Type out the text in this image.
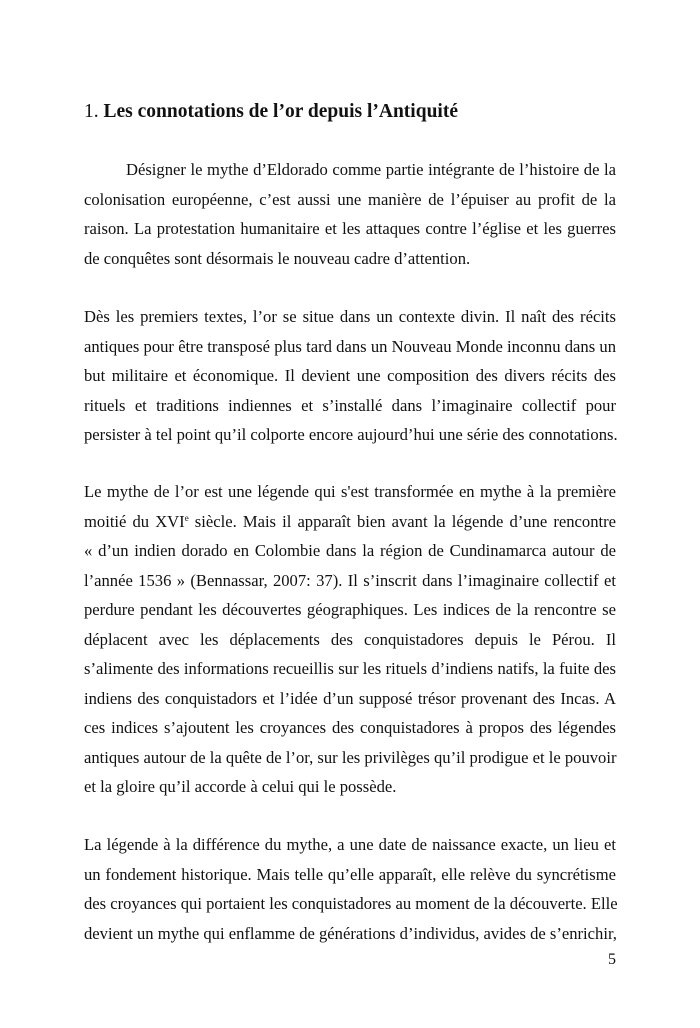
1. Les connotations de l’or depuis l’Antiquité
Désigner le mythe d’Eldorado comme partie intégrante de l’histoire de la
colonisation européenne, c’est aussi une manière de l’épuiser au profit de la
raison. La protestation humanitaire et les attaques contre l’église et les guerres
de conquêtes sont désormais le nouveau cadre d’attention.
Dès les premiers textes, l’or se situe dans un contexte divin. Il naît des récits
antiques pour être transposé plus tard dans un Nouveau Monde inconnu dans un
but militaire et économique. Il devient une composition des divers récits des
rituels et traditions indiennes et s’installé dans l’imaginaire collectif pour
persister à tel point qu’il colporte encore aujourd’hui une série des connotations.
Le mythe de l’or est une légende qui s'est transformée en mythe à la première
moitié du XVIe siècle. Mais il apparaît bien avant la légende d’une rencontre
« d’un indien dorado en Colombie dans la région de Cundinamarca autour de
l’année 1536 » (Bennassar, 2007: 37). Il s’inscrit dans l’imaginaire collectif et
perdure pendant les découvertes géographiques. Les indices de la rencontre se
déplacent avec les déplacements des conquistadores depuis le Pérou. Il
s’alimente des informations recueillis sur les rituels d’indiens natifs, la fuite des
indiens des conquistadors et l’idée d’un supposé trésor provenant des Incas. A
ces indices s’ajoutent les croyances des conquistadores à propos des légendes
antiques autour de la quête de l’or, sur les privilèges qu’il prodigue et le pouvoir
et la gloire qu’il accorde à celui qui le possède.
La légende à la différence du mythe, a une date de naissance exacte, un lieu et
un fondement historique. Mais telle qu’elle apparaît, elle relève du syncrétisme
des croyances qui portaient les conquistadores au moment de la découverte. Elle
devient un mythe qui enflamme de générations d’individus, avides de s’enrichir,
5
